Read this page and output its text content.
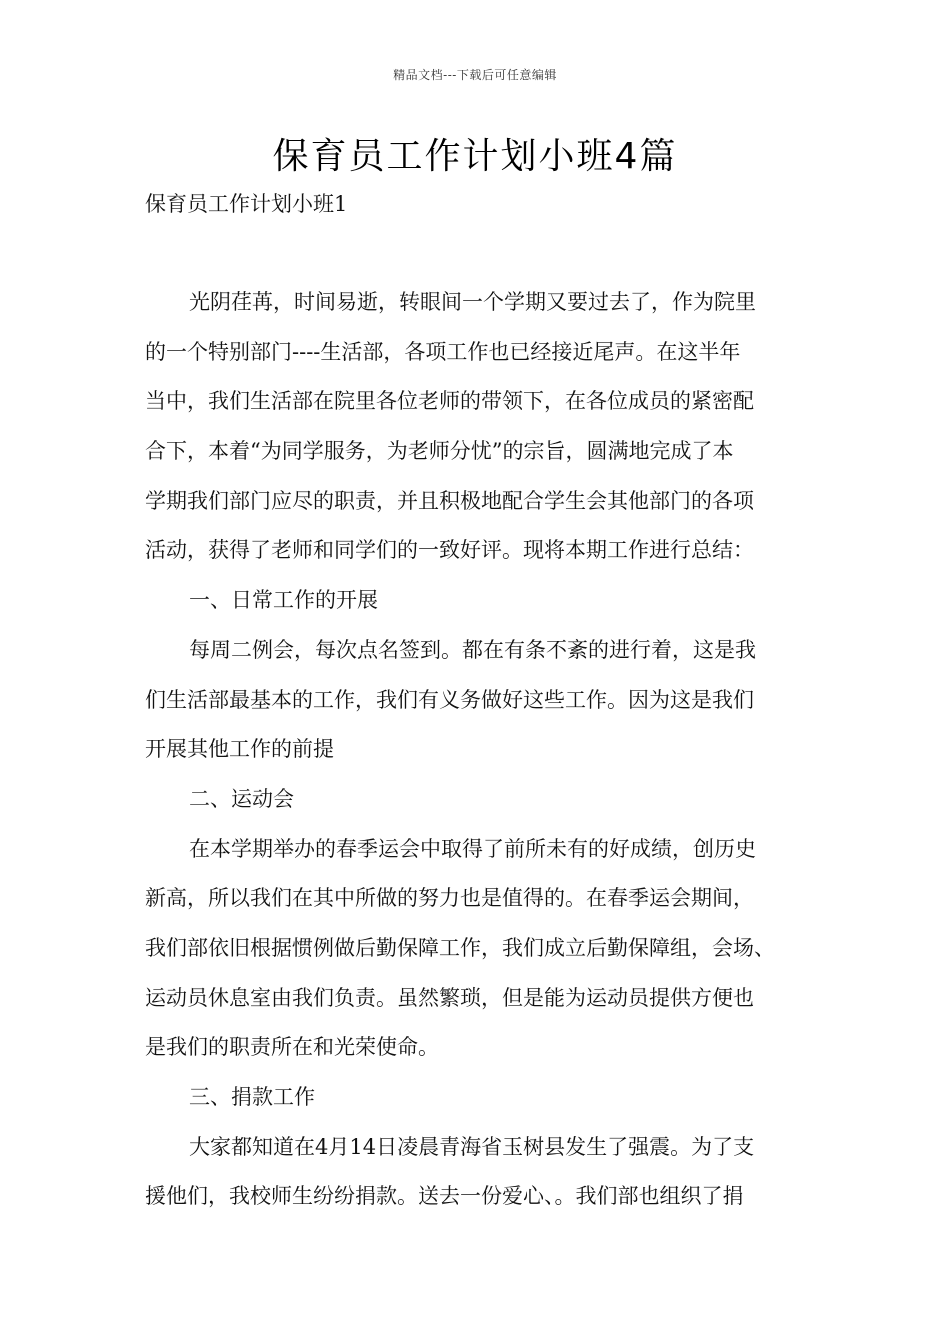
精品文档---下载后可任意编辑
保育员工作计划小班4篇
保育员工作计划小班1
光阴荏苒，时间易逝，转眼间一个学期又要过去了，作为院里
的一个特别部门----生活部，各项工作也已经接近尾声。在这半年
当中，我们生活部在院里各位老师的带领下，在各位成员的紧密配
合下，本着“为同学服务，为老师分忧”的宗旨，圆满地完成了本
学期我们部门应尽的职责，并且积极地配合学生会其他部门的各项
活动，获得了老师和同学们的一致好评。现将本期工作进行总结：
一、日常工作的开展
每周二例会，每次点名签到。都在有条不紊的进行着，这是我
们生活部最基本的工作，我们有义务做好这些工作。因为这是我们
开展其他工作的前提
二、运动会
在本学期举办的春季运会中取得了前所未有的好成绩，创历史
新高，所以我们在其中所做的努力也是值得的。在春季运会期间，
我们部依旧根据惯例做后勤保障工作，我们成立后勤保障组，会场、
运动员休息室由我们负责。虽然繁琐，但是能为运动员提供方便也
是我们的职责所在和光荣使命。
三、捐款工作
大家都知道在4月14日凌晨青海省玉树县发生了强震。为了支
援他们，我校师生纷纷捐款。送去一份爱心、。我们部也组织了捐
